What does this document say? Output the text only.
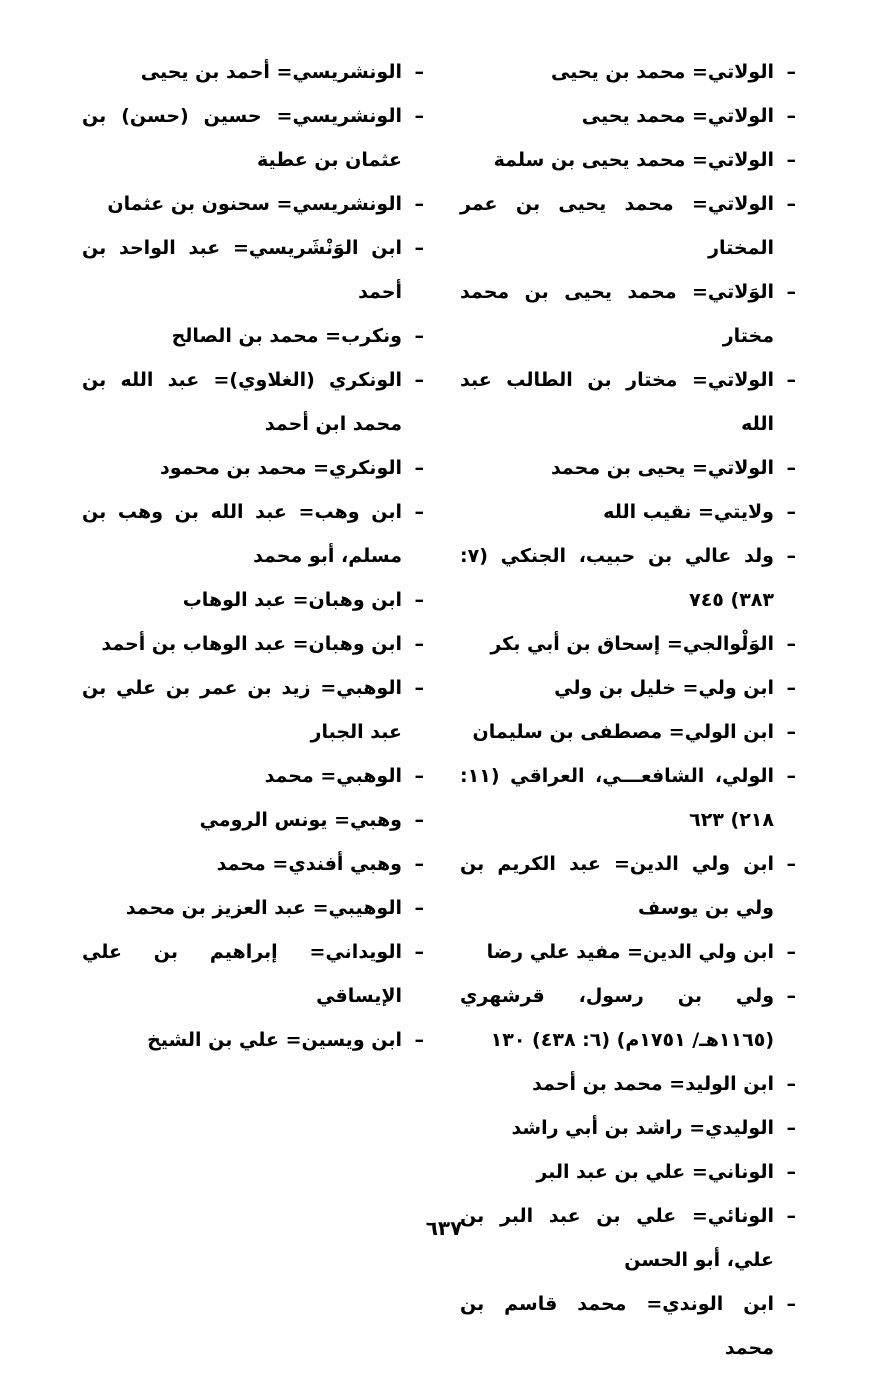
–
الولاتي= محمد بن يحيى
–
الولاتي= محمد يحيى
–
الولاتي= محمد يحيى بن سلمة
–
الولاتي= محمد يحيى بن عمر المختار
–
الوَلاتي= محمد يحيى بن محمد مختار
–
الولاتي= مختار بن الطالب عبد الله
–
الولاتي= يحيى بن محمد
–
ولايتي= نقيب الله
–
ولد عالي بن حبيب، الجنكي (٧: ٣٨٣) ٧٤٥
–
الوَلْوالجي= إسحاق بن أبي بكر
–
ابن ولي= خليل بن ولي
–
ابن الولي= مصطفى بن سليمان
–
الولي، الشافعـــي، العراقي (١١: ٢١٨) ٦٢٣
–
ابن ولي الدين= عبد الكريم بن ولي بن يوسف
–
ابن ولي الدين= مفيد علي رضا
–
ولي بن رسول، قرشهري (١١٦٥هـ/ ١٧٥١م) (٦: ٤٣٨) ١٣٠
–
ابن الوليد= محمد بن أحمد
–
الوليدي= راشد بن أبي راشد
–
الوناني= علي بن عبد البر
–
الونائي= علي بن عبد البر بن علي، أبو الحسن
–
ابن الوندي= محمد قاسم بن محمد
–
الونشريسي= أحمد بن يحيى
–
الونشريسي= حسين (حسن) بن عثمان بن عطية
–
الونشريسي= سحنون بن عثمان
–
ابن الوَنْشَريسي= عبد الواحد بن أحمد
–
ونكرب= محمد بن الصالح
–
الونكري (الغلاوي)= عبد الله بن محمد ابن أحمد
–
الونكري= محمد بن محمود
–
ابن وهب= عبد الله بن وهب بن مسلم، أبو محمد
–
ابن وهبان= عبد الوهاب
–
ابن وهبان= عبد الوهاب بن أحمد
–
الوهبي= زيد بن عمر بن علي بن عبد الجبار
–
الوهبي= محمد
–
وهبي= يونس الرومي
–
وهبي أفندي= محمد
–
الوهيبي= عبد العزيز بن محمد
–
الويداني= إبراهيم بن علي الإيساقي
–
ابن ويسين= علي بن الشيخ
٦٣٧
